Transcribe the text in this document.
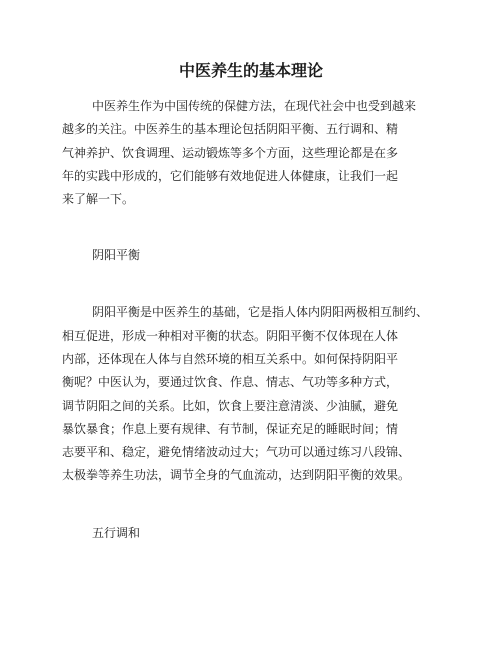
中医养生的基本理论
中医养生作为中国传统的保健方法，在现代社会中也受到越来
越多的关注。中医养生的基本理论包括阴阳平衡、五行调和、精
气神养护、饮食调理、运动锻炼等多个方面，这些理论都是在多
年的实践中形成的，它们能够有效地促进人体健康，让我们一起
来了解一下。
阴阳平衡
阴阳平衡是中医养生的基础，它是指人体内阴阳两极相互制约、
相互促进，形成一种相对平衡的状态。阴阳平衡不仅体现在人体
内部，还体现在人体与自然环境的相互关系中。如何保持阴阳平
衡呢？中医认为，要通过饮食、作息、情志、气功等多种方式，
调节阴阳之间的关系。比如，饮食上要注意清淡、少油腻，避免
暴饮暴食；作息上要有规律、有节制，保证充足的睡眠时间；情
志要平和、稳定，避免情绪波动过大；气功可以通过练习八段锦、
太极拳等养生功法，调节全身的气血流动，达到阴阳平衡的效果。
五行调和
